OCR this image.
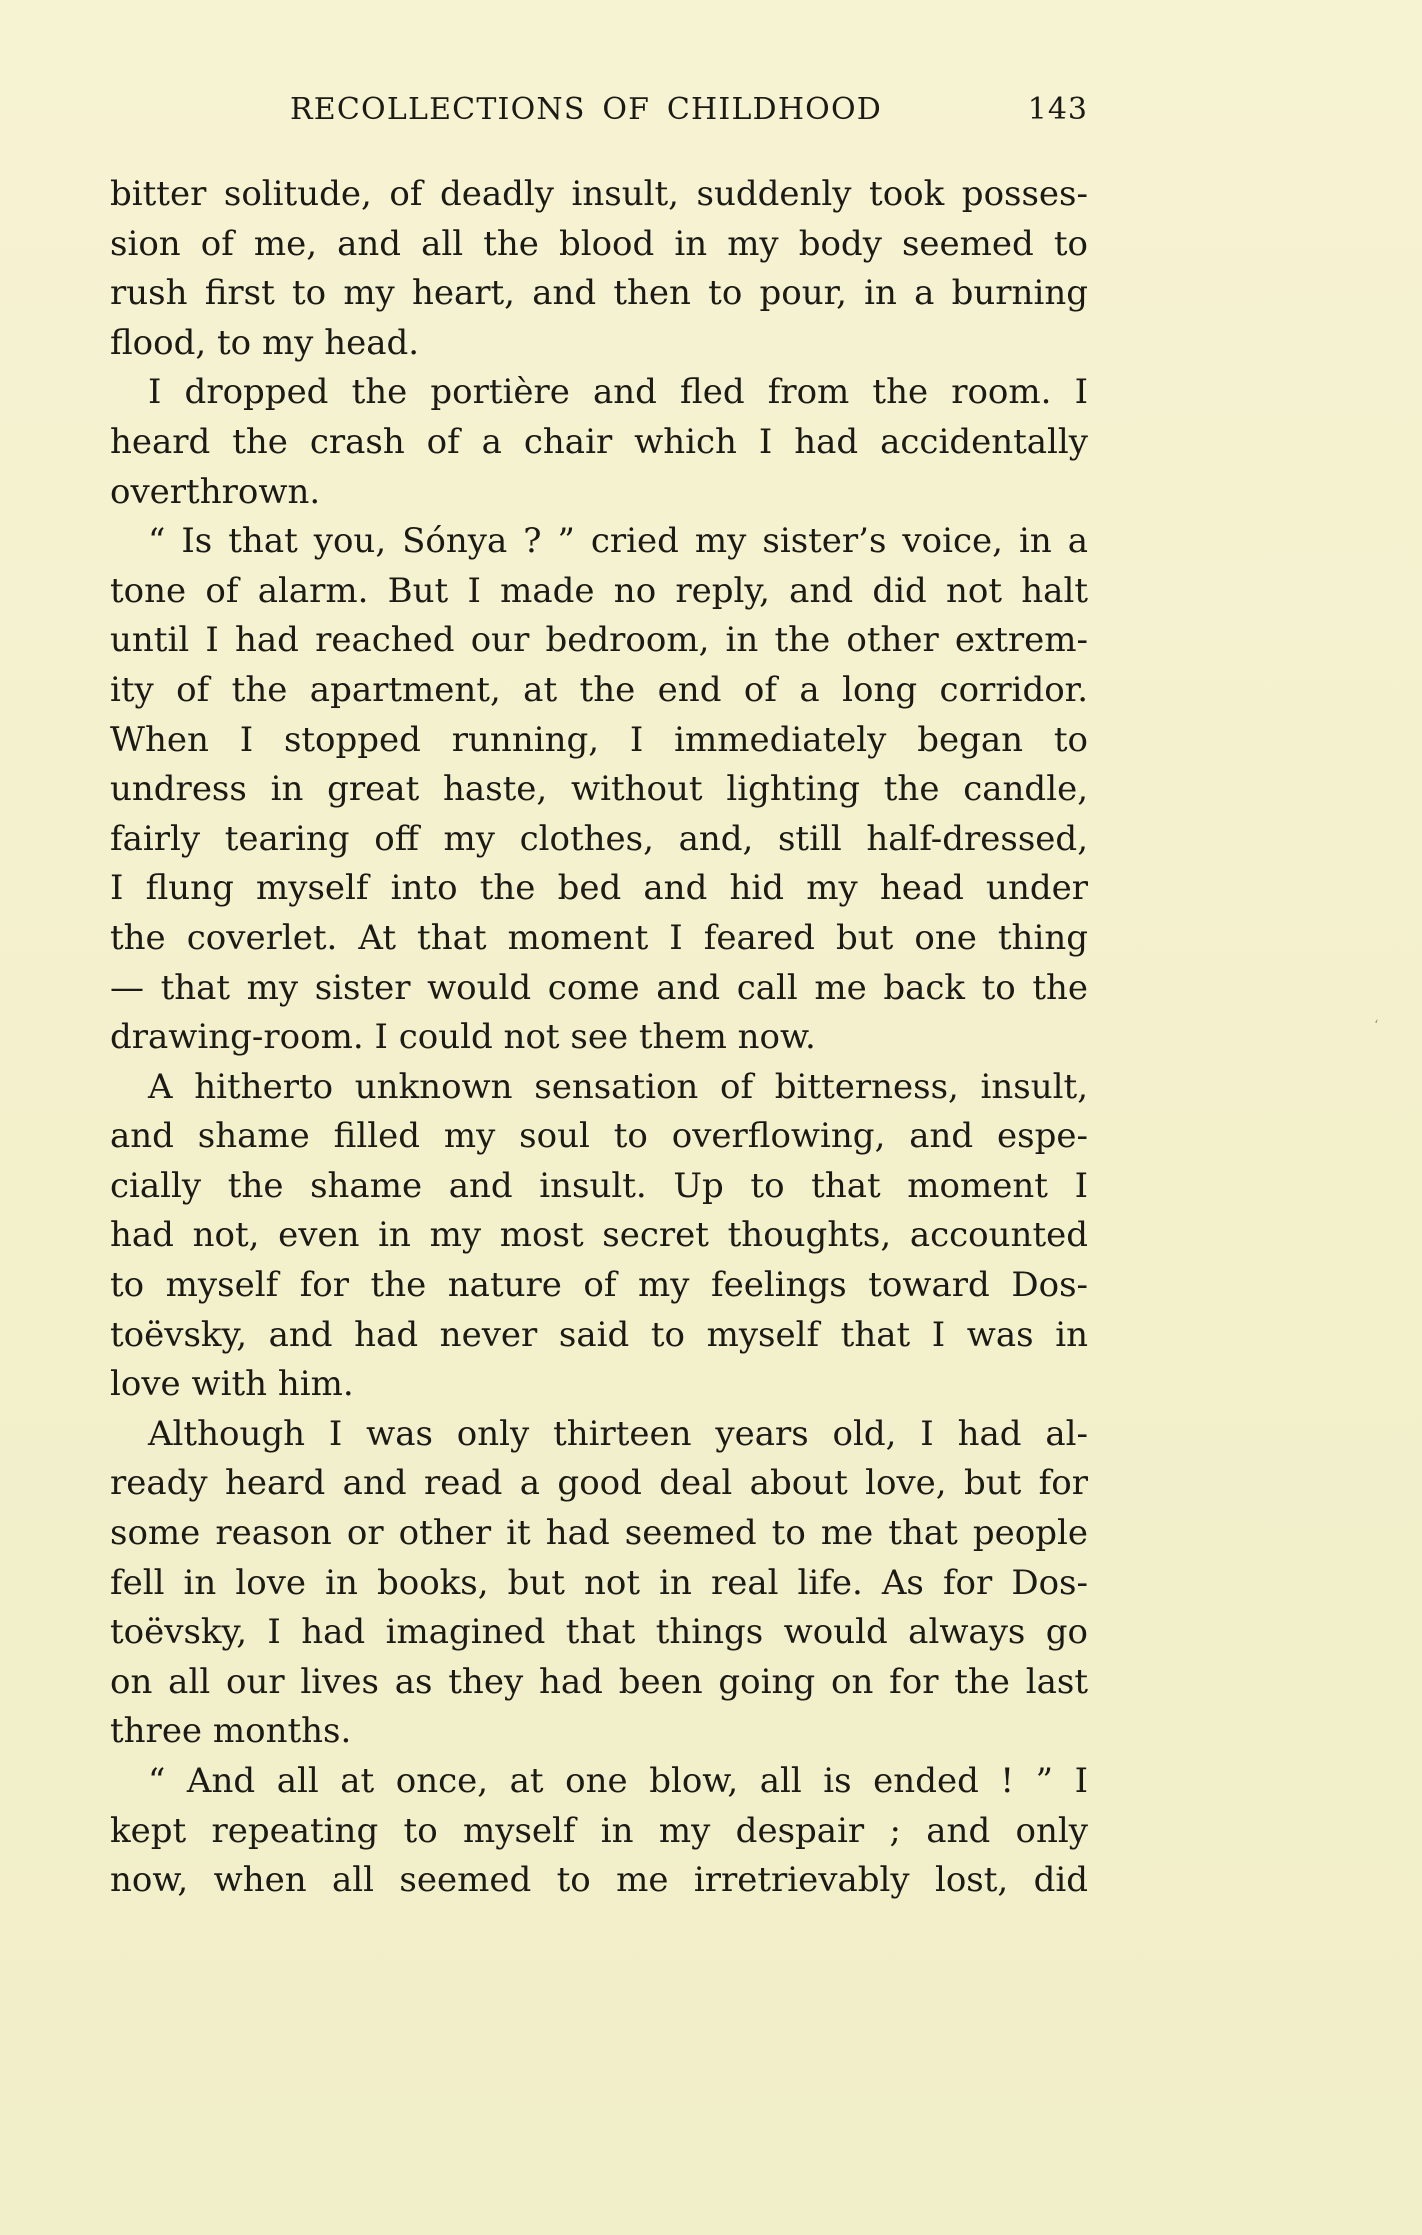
RECOLLECTIONS OF CHILDHOOD	143
bitter solitude, of deadly insult, suddenly took posses-
sion of me, and all the blood in my body seemed to
rush first to my heart, and then to pour, in a burning
flood, to my head.
I dropped the portière and fled from the room. I
heard the crash of a chair which I had accidentally
overthrown.
“ Is that you, Sónya ? ” cried my sister’s voice, in a
tone of alarm. But I made no reply, and did not halt
until I had reached our bedroom, in the other extrem-
ity of the apartment, at the end of a long corridor.
When I stopped running, I immediately began to
undress in great haste, without lighting the candle,
fairly tearing off my clothes, and, still half-dressed,
I flung myself into the bed and hid my head under
the coverlet. At that moment I feared but one thing
— that my sister would come and call me back to the
drawing-room. I could not see them now.
A hitherto unknown sensation of bitterness, insult,
and shame filled my soul to overflowing, and espe-
cially the shame and insult. Up to that moment I
had not, even in my most secret thoughts, accounted
to myself for the nature of my feelings toward Dos-
toëvsky, and had never said to myself that I was in
love with him.
Although I was only thirteen years old, I had al-
ready heard and read a good deal about love, but for
some reason or other it had seemed to me that people
fell in love in books, but not in real life. As for Dos-
toëvsky, I had imagined that things would always go
on all our lives as they had been going on for the last
three months.
“ And all at once, at one blow, all is ended ! ” I
kept repeating to myself in my despair ; and only
now, when all seemed to me irretrievably lost, did
‘
